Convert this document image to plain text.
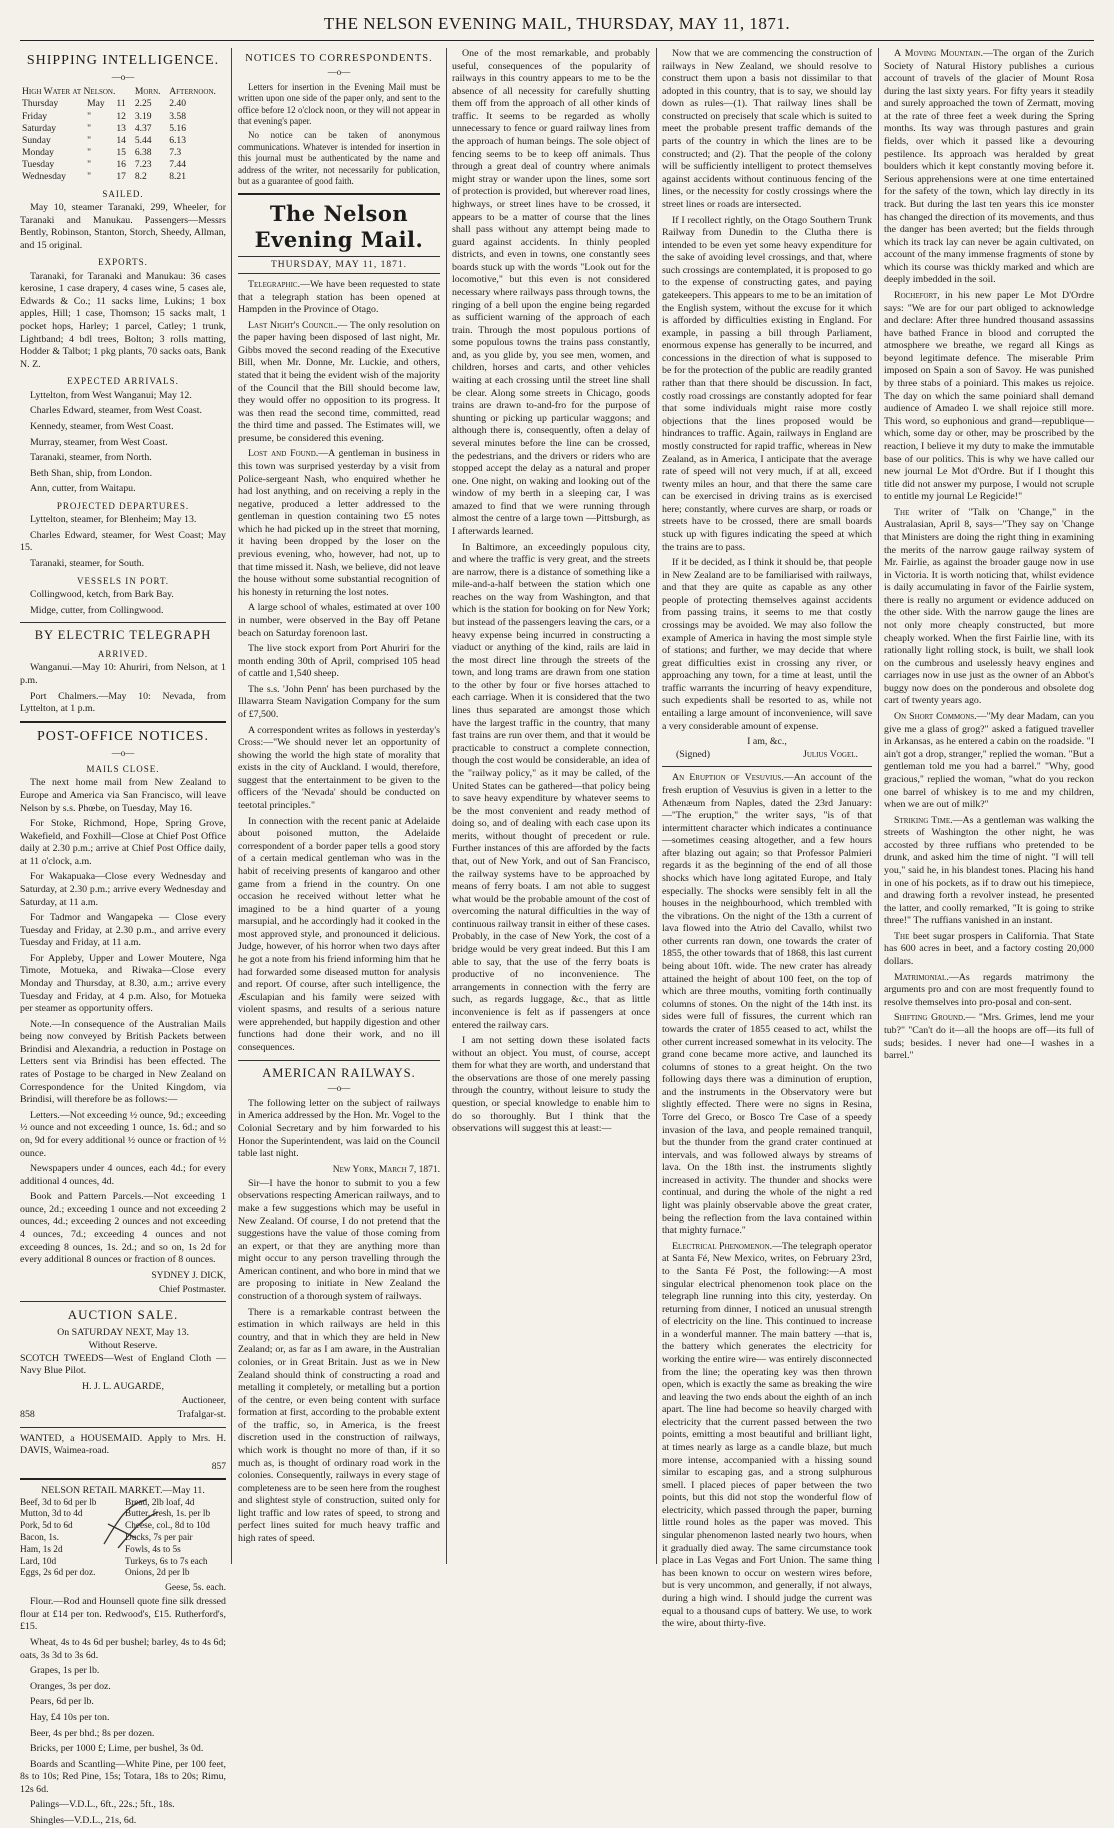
THE NELSON EVENING MAIL, THURSDAY, MAY 11, 1871.
SHIPPING INTELLIGENCE.
—o—
High Water at Nelson.			Morn.	Afternoon.
Thursday	May	11	2.25	2.40
Friday	"	12	3.19	3.58
Saturday	"	13	4.37	5.16
Sunday	"	14	5.44	6.13
Monday	"	15	6.38	7.3
Tuesday	"	16	7.23	7.44
Wednesday	"	17	8.2	8.21
SAILED.

May 10, steamer Taranaki, 299, Wheeler, for Taranaki and Manukau. Passengers—Messrs Bently, Robinson, Stanton, Storch, Sheedy, Allman, and 15 original.

EXPORTS.

Taranaki, for Taranaki and Manukau: 36 cases kerosine, 1 case drapery, 4 cases wine, 5 cases ale, Edwards & Co.; 11 sacks lime, Lukins; 1 box apples, Hill; 1 case, Thomson; 15 sacks malt, 1 pocket hops, Harley; 1 parcel, Catley; 1 trunk, Lightband; 4 bdl trees, Bolton; 3 rolls matting, Hodder & Talbot; 1 pkg plants, 70 sacks oats, Bank N. Z.

EXPECTED ARRIVALS.

Lyttelton, from West Wanganui; May 12.

Charles Edward, steamer, from West Coast.

Kennedy, steamer, from West Coast.

Murray, steamer, from West Coast.

Taranaki, steamer, from North.

Beth Shan, ship, from London.

Ann, cutter, from Waitapu.

PROJECTED DEPARTURES.

Lyttelton, steamer, for Blenheim; May 13.

Charles Edward, steamer, for West Coast; May 15.

Taranaki, steamer, for South.

VESSELS IN PORT.

Collingwood, ketch, from Bark Bay.

Midge, cutter, from Collingwood.

BY ELECTRIC TELEGRAPH
ARRIVED.

Wanganui.—May 10: Ahuriri, from Nelson, at 1 p.m.

Port Chalmers.—May 10: Nevada, from Lyttelton, at 1 p.m.

POST-OFFICE NOTICES.
—o—
MAILS CLOSE.

The next home mail from New Zealand to Europe and America via San Francisco, will leave Nelson by s.s. Phœbe, on Tuesday, May 16.

For Stoke, Richmond, Hope, Spring Grove, Wakefield, and Foxhill—Close at Chief Post Office daily at 2.30 p.m.; arrive at Chief Post Office daily, at 11 o'clock, a.m.

For Wakapuaka—Close every Wednesday and Saturday, at 2.30 p.m.; arrive every Wednesday and Saturday, at 11 a.m.

For Tadmor and Wangapeka — Close every Tuesday and Friday, at 2.30 p.m., and arrive every Tuesday and Friday, at 11 a.m.

For Appleby, Upper and Lower Moutere, Nga Timote, Motueka, and Riwaka—Close every Monday and Thursday, at 8.30, a.m.; arrive every Tuesday and Friday, at 4 p.m. Also, for Motueka per steamer as opportunity offers.

Note.—In consequence of the Australian Mails being now conveyed by British Packets between Brindisi and Alexandria, a reduction in Postage on Letters sent via Brindisi has been effected. The rates of Postage to be charged in New Zealand on Correspondence for the United Kingdom, via Brindisi, will therefore be as follows:—

Letters.—Not exceeding ½ ounce, 9d.; exceeding ½ ounce and not exceeding 1 ounce, 1s. 6d.; and so on, 9d for every additional ½ ounce or fraction of ½ ounce.

Newspapers under 4 ounces, each 4d.; for every additional 4 ounces, 4d.

Book and Pattern Parcels.—Not exceeding 1 ounce, 2d.; exceeding 1 ounce and not exceeding 2 ounces, 4d.; exceeding 2 ounces and not exceeding 4 ounces, 7d.; exceeding 4 ounces and not exceeding 8 ounces, 1s. 2d.; and so on, 1s 2d for every additional 8 ounces or fraction of 8 ounces.

SYDNEY J. DICK,
Chief Postmaster.
AUCTION SALE.
On SATURDAY NEXT, May 13.
Without Reserve.

SCOTCH TWEEDS—West of England Cloth —Navy Blue Pilot.

H. J. L. AUGARDE,
Auctioneer,
858	Trafalgar-st.

WANTED, a HOUSEMAID. Apply to Mrs. H. DAVIS, Waimea-road.

857
NELSON RETAIL MARKET.—May 11.
Beef, 3d to 6d per lb	Bread, 2lb loaf, 4d
Mutton, 3d to 4d	Butter, fresh, 1s. per lb
Pork, 5d to 6d	Cheese, col., 8d to 10d
Bacon, 1s.	Ducks, 7s per pair
Ham, 1s 2d	Fowls, 4s to 5s
Lard, 10d	Turkeys, 6s to 7s each
Eggs, 2s 6d per doz.	Onions, 2d per lb
Geese, 5s. each.

Flour.—Rod and Hounsell quote fine silk dressed flour at £14 per ton. Redwood's, £15. Rutherford's, £15.

Wheat, 4s to 4s 6d per bushel; barley, 4s to 4s 6d; oats, 3s 3d to 3s 6d.

Grapes, 1s per lb.

Oranges, 3s per doz.

Pears, 6d per lb.

Hay, £4 10s per ton.

Beer, 4s per bhd.; 8s per dozen.

Bricks, per 1000 £; Lime, per bushel, 3s 0d.

Boards and Scantling—White Pine, per 100 feet, 8s to 10s; Red Pine, 15s; Totara, 18s to 20s; Rimu, 12s 6d.

Palings—V.D.L., 6ft., 22s.; 5ft., 18s.

Shingles—V.D.L., 21s, 6d.

NOTICES TO CORRESPONDENTS.
—o—

Letters for insertion in the Evening Mail must be written upon one side of the paper only, and sent to the office before 12 o'clock noon, or they will not appear in that evening's paper.

No notice can be taken of anonymous communications. Whatever is intended for insertion in this journal must be authenticated by the name and address of the writer, not necessarily for publication, but as a guarantee of good faith.

The Nelson Evening Mail.
THURSDAY, MAY 11, 1871.

Telegraphic.—We have been requested to state that a telegraph station has been opened at Hampden in the Province of Otago.

Last Night's Council.— The only resolution on the paper having been disposed of last night, Mr. Gibbs moved the second reading of the Executive Bill, when Mr. Donne, Mr. Luckie, and others, stated that it being the evident wish of the majority of the Council that the Bill should become law, they would offer no opposition to its progress. It was then read the second time, committed, read the third time and passed. The Estimates will, we presume, be considered this evening.

Lost and Found.—A gentleman in business in this town was surprised yesterday by a visit from Police-sergeant Nash, who enquired whether he had lost anything, and on receiving a reply in the negative, produced a letter addressed to the gentleman in question containing two £5 notes which he had picked up in the street that morning, it having been dropped by the loser on the previous evening, who, however, had not, up to that time missed it. Nash, we believe, did not leave the house without some substantial recognition of his honesty in returning the lost notes.

A large school of whales, estimated at over 100 in number, were observed in the Bay off Petane beach on Saturday forenoon last.

The live stock export from Port Ahuriri for the month ending 30th of April, comprised 105 head of cattle and 1,540 sheep.

The s.s. 'John Penn' has been purchased by the Illawarra Steam Navigation Company for the sum of £7,500.

A correspondent writes as follows in yesterday's Cross:—"We should never let an opportunity of showing the world the high state of morality that exists in the city of Auckland. I would, therefore, suggest that the entertainment to be given to the officers of the 'Nevada' should be conducted on teetotal principles."

In connection with the recent panic at Adelaide about poisoned mutton, the Adelaide correspondent of a border paper tells a good story of a certain medical gentleman who was in the habit of receiving presents of kangaroo and other game from a friend in the country. On one occasion he received without letter what he imagined to be a hind quarter of a young marsupial, and he accordingly had it cooked in the most approved style, and pronounced it delicious. Judge, however, of his horror when two days after he got a note from his friend informing him that he had forwarded some diseased mutton for analysis and report. Of course, after such intelligence, the Æsculapian and his family were seized with violent spasms, and results of a serious nature were apprehended, but happily digestion and other functions had done their work, and no ill consequences.

AMERICAN RAILWAYS.
—o—

The following letter on the subject of railways in America addressed by the Hon. Mr. Vogel to the Colonial Secretary and by him forwarded to his Honor the Superintendent, was laid on the Council table last night.

New York, March 7, 1871.

Sir—I have the honor to submit to you a few observations respecting American railways, and to make a few suggestions which may be useful in New Zealand. Of course, I do not pretend that the suggestions have the value of those coming from an expert, or that they are anything more than might occur to any person travelling through the American continent, and who bore in mind that we are proposing to initiate in New Zealand the construction of a thorough system of railways.

There is a remarkable contrast between the estimation in which railways are held in this country, and that in which they are held in New Zealand; or, as far as I am aware, in the Australian colonies, or in Great Britain. Just as we in New Zealand should think of constructing a road and metalling it completely, or metalling but a portion of the centre, or even being content with surface formation at first, according to the probable extent of the traffic, so, in America, is the freest discretion used in the construction of railways, which work is thought no more of than, if it so much as, is thought of ordinary road work in the colonies. Consequently, railways in every stage of completeness are to be seen here from the roughest and slightest style of construction, suited only for light traffic and low rates of speed, to strong and perfect lines suited for much heavy traffic and high rates of speed.

One of the most remarkable, and probably useful, consequences of the popularity of railways in this country appears to me to be the absence of all necessity for carefully shutting them off from the approach of all other kinds of traffic. It seems to be regarded as wholly unnecessary to fence or guard railway lines from the approach of human beings. The sole object of fencing seems to be to keep off animals. Thus through a great deal of country where animals might stray or wander upon the lines, some sort of protection is provided, but wherever road lines, highways, or street lines have to be crossed, it appears to be a matter of course that the lines shall pass without any attempt being made to guard against accidents. In thinly peopled districts, and even in towns, one constantly sees boards stuck up with the words "Look out for the locomotive," but this even is not considered necessary where railways pass through towns, the ringing of a bell upon the engine being regarded as sufficient warning of the approach of each train. Through the most populous portions of some populous towns the trains pass constantly, and, as you glide by, you see men, women, and children, horses and carts, and other vehicles waiting at each crossing until the street line shall be clear. Along some streets in Chicago, goods trains are drawn to-and-fro for the purpose of shunting or picking up particular waggons; and although there is, consequently, often a delay of several minutes before the line can be crossed, the pedestrians, and the drivers or riders who are stopped accept the delay as a natural and proper one. One night, on waking and looking out of the window of my berth in a sleeping car, I was amazed to find that we were running through almost the centre of a large town —Pittsburgh, as I afterwards learned.

In Baltimore, an exceedingly populous city, and where the traffic is very great, and the streets are narrow, there is a distance of something like a mile-and-a-half between the station which one reaches on the way from Washington, and that which is the station for booking on for New York; but instead of the passengers leaving the cars, or a heavy expense being incurred in constructing a viaduct or anything of the kind, rails are laid in the most direct line through the streets of the town, and long trams are drawn from one station to the other by four or five horses attached to each carriage. When it is considered that the two lines thus separated are amongst those which have the largest traffic in the country, that many fast trains are run over them, and that it would be practicable to construct a complete connection, though the cost would be considerable, an idea of the "railway policy," as it may be called, of the United States can be gathered—that policy being to save heavy expenditure by whatever seems to be the most convenient and ready method of doing so, and of dealing with each case upon its merits, without thought of precedent or rule. Further instances of this are afforded by the facts that, out of New York, and out of San Francisco, the railway systems have to be approached by means of ferry boats. I am not able to suggest what would be the probable amount of the cost of overcoming the natural difficulties in the way of continuous railway transit in either of these cases. Probably, in the case of New York, the cost of a bridge would be very great indeed. But this I am able to say, that the use of the ferry boats is productive of no inconvenience. The arrangements in connection with the ferry are such, as regards luggage, &c., that as little inconvenience is felt as if passengers at once entered the railway cars.

I am not setting down these isolated facts without an object. You must, of course, accept them for what they are worth, and understand that the observations are those of one merely passing through the country, without leisure to study the question, or special knowledge to enable him to do so thoroughly. But I think that the observations will suggest this at least:—

Now that we are commencing the construction of railways in New Zealand, we should resolve to construct them upon a basis not dissimilar to that adopted in this country, that is to say, we should lay down as rules—(1). That railway lines shall be constructed on precisely that scale which is suited to meet the probable present traffic demands of the parts of the country in which the lines are to be constructed; and (2). That the people of the colony will be sufficiently intelligent to protect themselves against accidents without continuous fencing of the lines, or the necessity for costly crossings where the street lines or roads are intersected.

If I recollect rightly, on the Otago Southern Trunk Railway from Dunedin to the Clutha there is intended to be even yet some heavy expenditure for the sake of avoiding level crossings, and that, where such crossings are contemplated, it is proposed to go to the expense of constructing gates, and paying gatekeepers. This appears to me to be an imitation of the English system, without the excuse for it which is afforded by difficulties existing in England. For example, in passing a bill through Parliament, enormous expense has generally to be incurred, and concessions in the direction of what is supposed to be for the protection of the public are readily granted rather than that there should be discussion. In fact, costly road crossings are constantly adopted for fear that some individuals might raise more costly objections that the lines proposed would be hindrances to traffic. Again, railways in England are mostly constructed for rapid traffic, whereas in New Zealand, as in America, I anticipate that the average rate of speed will not very much, if at all, exceed twenty miles an hour, and that there the same care can be exercised in driving trains as is exercised here; constantly, where curves are sharp, or roads or streets have to be crossed, there are small boards stuck up with figures indicating the speed at which the trains are to pass.

If it be decided, as I think it should be, that people in New Zealand are to be familiarised with railways, and that they are quite as capable as any other people of protecting themselves against accidents from passing trains, it seems to me that costly crossings may be avoided. We may also follow the example of America in having the most simple style of stations; and further, we may decide that where great difficulties exist in crossing any river, or approaching any town, for a time at least, until the traffic warrants the incurring of heavy expenditure, such expedients shall be resorted to as, while not entailing a large amount of inconvenience, will save a very considerable amount of expense.

I am, &c.,
(Signed)	Julius Vogel.

An Eruption of Vesuvius.—An account of the fresh eruption of Vesuvius is given in a letter to the Athenæum from Naples, dated the 23rd January:—"The eruption," the writer says, "is of that intermittent character which indicates a continuance—sometimes ceasing altogether, and a few hours after blazing out again; so that Professor Palmieri regards it as the beginning of the end of all those shocks which have long agitated Europe, and Italy especially. The shocks were sensibly felt in all the houses in the neighbourhood, which trembled with the vibrations. On the night of the 13th a current of lava flowed into the Atrio del Cavallo, whilst two other currents ran down, one towards the crater of 1855, the other towards that of 1868, this last current being about 10ft. wide. The new crater has already attained the height of about 100 feet, on the top of which are three mouths, vomiting forth continually columns of stones. On the night of the 14th inst. its sides were full of fissures, the current which ran towards the crater of 1855 ceased to act, whilst the other current increased somewhat in its velocity. The grand cone became more active, and launched its columns of stones to a great height. On the two following days there was a diminution of eruption, and the instruments in the Observatory were but slightly effected. There were no signs in Resina, Torre del Greco, or Bosco Tre Case of a speedy invasion of the lava, and people remained tranquil, but the thunder from the grand crater continued at intervals, and was followed always by streams of lava. On the 18th inst. the instruments slightly increased in activity. The thunder and shocks were continual, and during the whole of the night a red light was plainly observable above the great crater, being the reflection from the lava contained within that mighty furnace."

Electrical Phenomenon.—The telegraph operator at Santa Fé, New Mexico, writes, on February 23rd, to the Santa Fé Post, the following:—A most singular electrical phenomenon took place on the telegraph line running into this city, yesterday. On returning from dinner, I noticed an unusual strength of electricity on the line. This continued to increase in a wonderful manner. The main battery —that is, the battery which generates the electricity for working the entire wire— was entirely disconnected from the line; the operating key was then thrown open, which is exactly the same as breaking the wire and leaving the two ends about the eighth of an inch apart. The line had become so heavily charged with electricity that the current passed between the two points, emitting a most beautiful and brilliant light, at times nearly as large as a candle blaze, but much more intense, accompanied with a hissing sound similar to escaping gas, and a strong sulphurous smell. I placed pieces of paper between the two points, but this did not stop the wonderful flow of electricity, which passed through the paper, burning little round holes as the paper was moved. This singular phenomenon lasted nearly two hours, when it gradually died away. The same circumstance took place in Las Vegas and Fort Union. The same thing has been known to occur on western wires before, but is very uncommon, and generally, if not always, during a high wind. I should judge the current was equal to a thousand cups of battery. We use, to work the wire, about thirty-five.

A Moving Mountain.—The organ of the Zurich Society of Natural History publishes a curious account of travels of the glacier of Mount Rosa during the last sixty years. For fifty years it steadily and surely approached the town of Zermatt, moving at the rate of three feet a week during the Spring months. Its way was through pastures and grain fields, over which it passed like a devouring pestilence. Its approach was heralded by great boulders which it kept constantly moving before it. Serious apprehensions were at one time entertained for the safety of the town, which lay directly in its track. But during the last ten years this ice monster has changed the direction of its movements, and thus the danger has been averted; but the fields through which its track lay can never be again cultivated, on account of the many immense fragments of stone by which its course was thickly marked and which are deeply imbedded in the soil.

Rochefort, in his new paper Le Mot D'Ordre says: "We are for our part obliged to acknowledge and declare: After three hundred thousand assassins have bathed France in blood and corrupted the atmosphere we breathe, we regard all Kings as beyond legitimate defence. The miserable Prim imposed on Spain a son of Savoy. He was punished by three stabs of a poiniard. This makes us rejoice. The day on which the same poiniard shall demand audience of Amadeo I. we shall rejoice still more. This word, so euphonious and grand—republique—which, some day or other, may be proscribed by the reaction, I believe it my duty to make the immutable base of our politics. This is why we have called our new journal Le Mot d'Ordre. But if I thought this title did not answer my purpose, I would not scruple to entitle my journal Le Regicide!"

The writer of "Talk on 'Change," in the Australasian, April 8, says—"They say on 'Change that Ministers are doing the right thing in examining the merits of the narrow gauge railway system of Mr. Fairlie, as against the broader gauge now in use in Victoria. It is worth noticing that, whilst evidence is daily accumulating in favor of the Fairlie system, there is really no argument or evidence adduced on the other side. With the narrow gauge the lines are not only more cheaply constructed, but more cheaply worked. When the first Fairlie line, with its rationally light rolling stock, is built, we shall look on the cumbrous and uselessly heavy engines and carriages now in use just as the owner of an Abbot's buggy now does on the ponderous and obsolete dog cart of twenty years ago.

On Short Commons.—"My dear Madam, can you give me a glass of grog?" asked a fatigued traveller in Arkansas, as he entered a cabin on the roadside. "I ain't got a drop, stranger," replied the woman. "But a gentleman told me you had a barrel." "Why, good gracious," replied the woman, "what do you reckon one barrel of whiskey is to me and my children, when we are out of milk?"

Striking Time.—As a gentleman was walking the streets of Washington the other night, he was accosted by three ruffians who pretended to be drunk, and asked him the time of night. "I will tell you," said he, in his blandest tones. Placing his hand in one of his pockets, as if to draw out his timepiece, and drawing forth a revolver instead, he presented the latter, and coolly remarked, "It is going to strike three!" The ruffians vanished in an instant.

The beet sugar prospers in California. That State has 600 acres in beet, and a factory costing 20,000 dollars.

Matrimonial.—As regards matrimony the arguments pro and con are most frequently found to resolve themselves into pro-posal and con-sent.

Shifting Ground.— "Mrs. Grimes, lend me your tub?" "Can't do it—all the hoops are off—its full of suds; besides. I never had one—I washes in a barrel."
